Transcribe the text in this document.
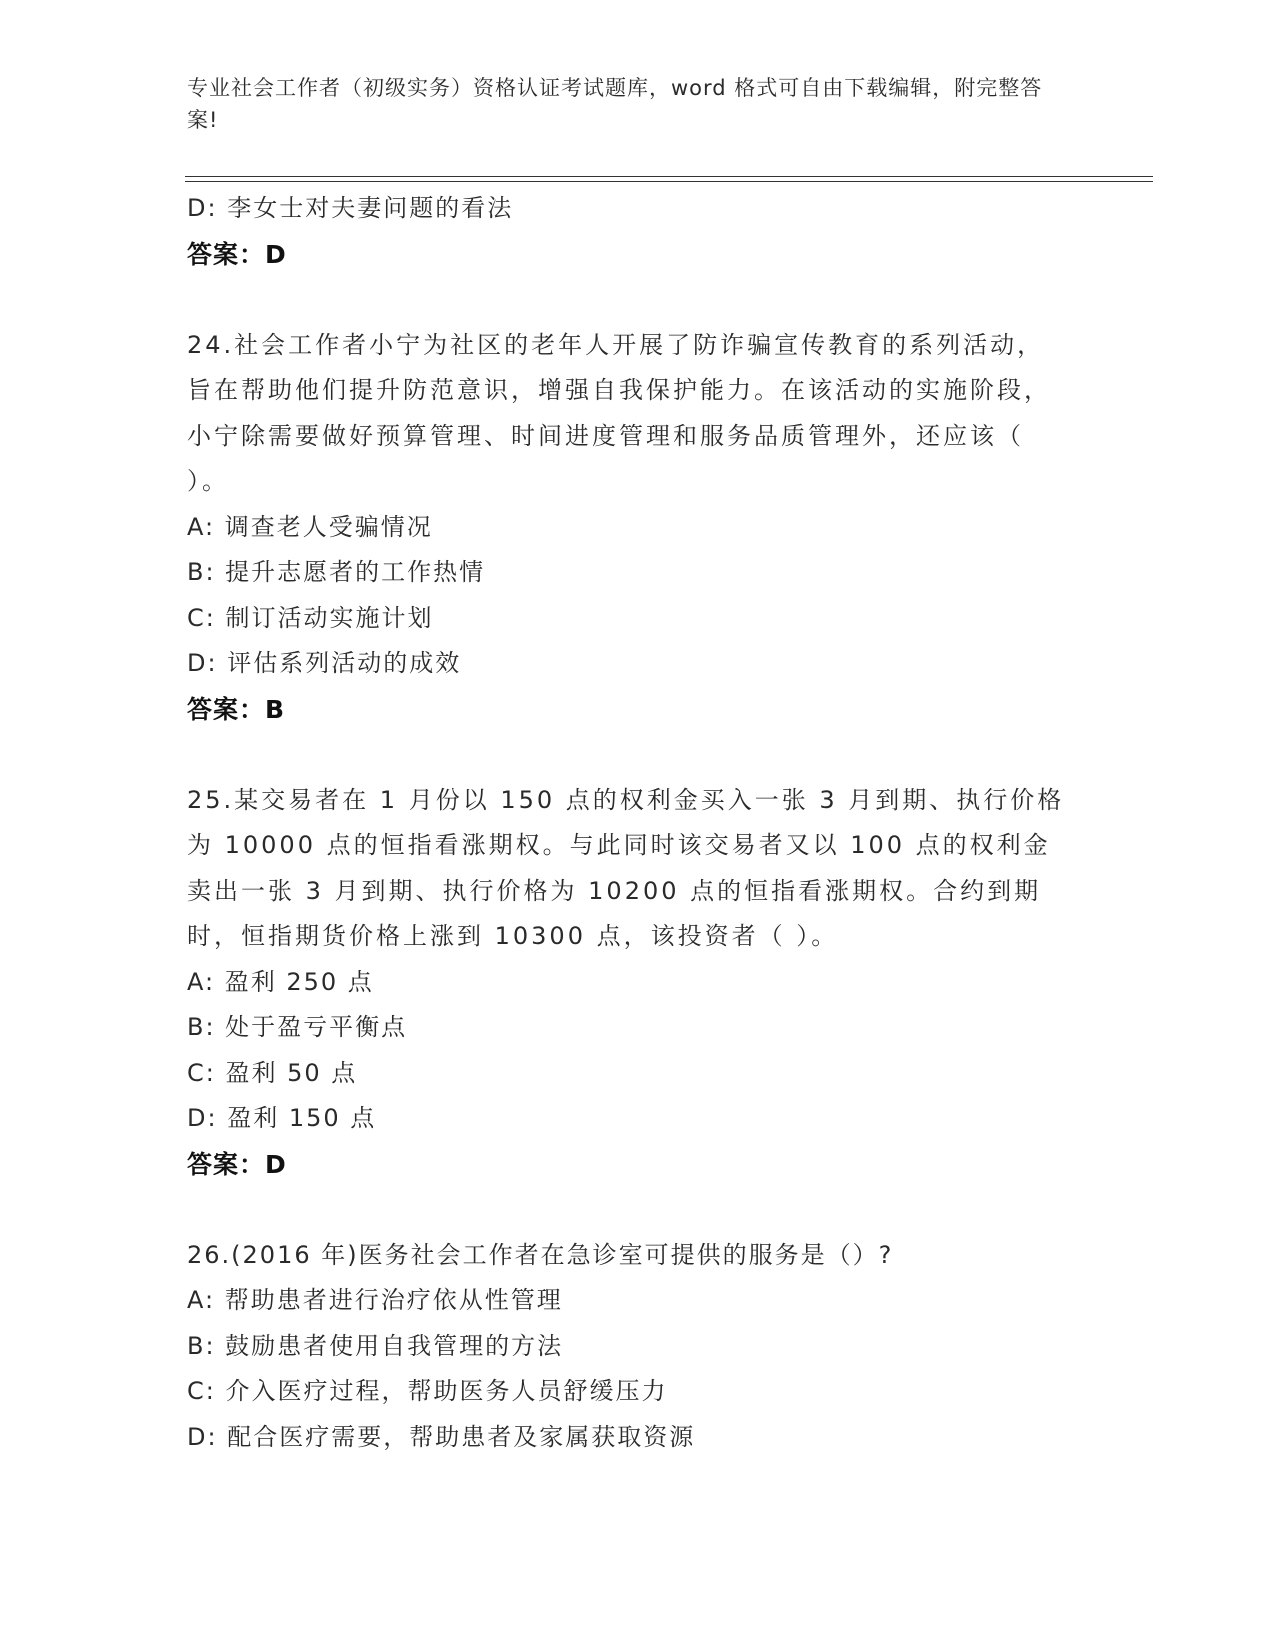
专业社会工作者（初级实务）资格认证考试题库，word 格式可自由下载编辑，附完整答案!
D: 李女士对夫妻问题的看法
答案：D
24.社会工作者小宁为社区的老年人开展了防诈骗宣传教育的系列活动，旨在帮助他们提升防范意识，增强自我保护能力。在该活动的实施阶段，小宁除需要做好预算管理、时间进度管理和服务品质管理外，还应该（ ）。
A: 调查老人受骗情况
B: 提升志愿者的工作热情
C: 制订活动实施计划
D: 评估系列活动的成效
答案：B
25.某交易者在 1 月份以 150 点的权利金买入一张 3 月到期、执行价格为 10000 点的恒指看涨期权。与此同时该交易者又以 100 点的权利金卖出一张 3 月到期、执行价格为 10200 点的恒指看涨期权。合约到期时，恒指期货价格上涨到 10300 点，该投资者（ ）。
A: 盈利 250 点
B: 处于盈亏平衡点
C: 盈利 50 点
D: 盈利 150 点
答案：D
26.(2016 年)医务社会工作者在急诊室可提供的服务是（）?
A: 帮助患者进行治疗依从性管理
B: 鼓励患者使用自我管理的方法
C: 介入医疗过程，帮助医务人员舒缓压力
D: 配合医疗需要，帮助患者及家属获取资源
